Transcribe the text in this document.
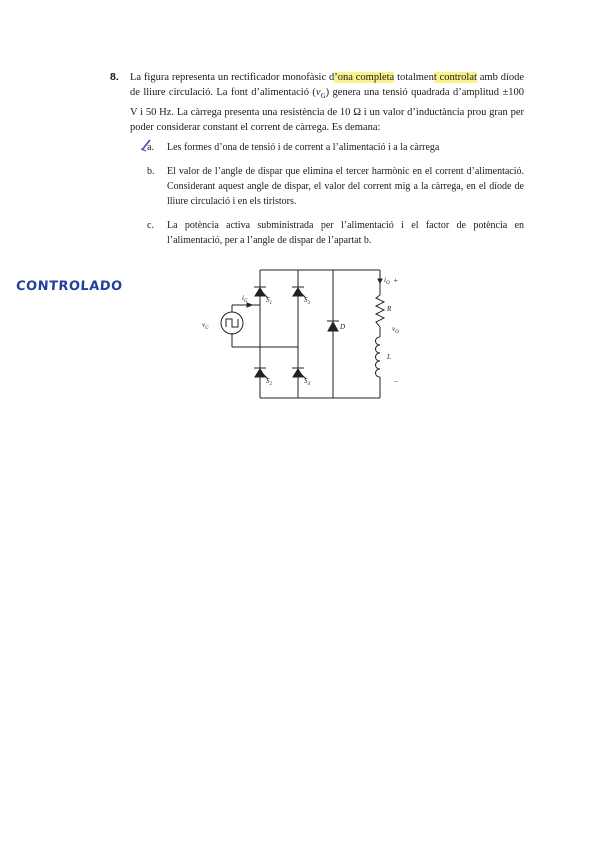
8. La figura representa un rectificador monofàsic d’ona completa totalment controlat amb díode de lliure circulació. La font d’alimentació $(v_G)$ genera una tensió quadrada d’amplitud ±100 V i 50 Hz. La càrrega presenta una resistència de 10 Ω i un valor d’inductància prou gran per poder considerar constant el corrent de càrrega. Es demana:
a. Les formes d’ona de tensió i de corrent a l’alimentació i a la càrrega
b. El valor de l’angle de dispar que elimina el tercer harmònic en el corrent d’alimentació. Considerant aquest angle de dispar, el valor del corrent mig a la càrrega, en el díode de lliure circulació i en els tiristors.
c. La potència activa subministrada per l’alimentació i el factor de potència en l’alimentació, per a l’angle de dispar de l’apartat b.
CONTROLADO
$S_1$	$S_3$
$S_2$	$S_4$
D
R
L
$i_G$
$v_G$
$i_O$
$v_O$
+
−
